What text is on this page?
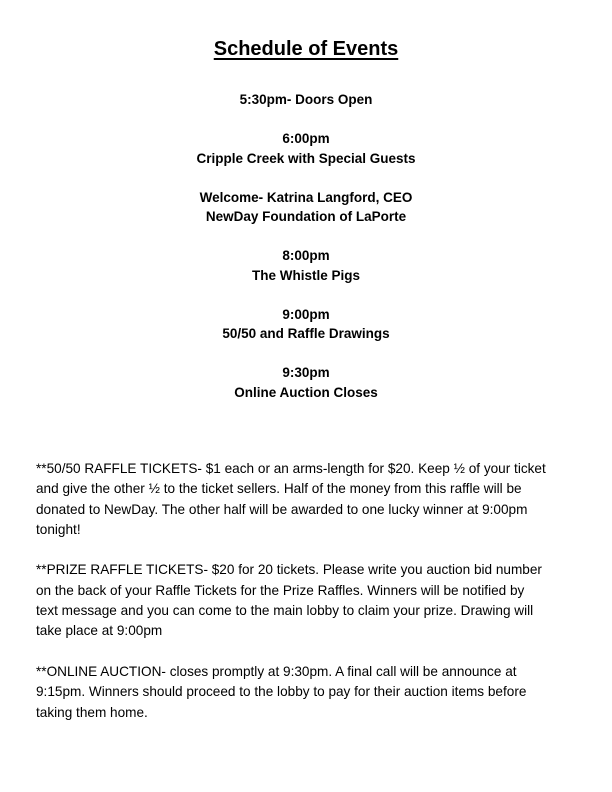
Schedule of Events
5:30pm- Doors Open
6:00pm
Cripple Creek with Special Guests
Welcome- Katrina Langford, CEO
NewDay Foundation of LaPorte
8:00pm
The Whistle Pigs
9:00pm
50/50 and Raffle Drawings
9:30pm
Online Auction Closes

**50/50 RAFFLE TICKETS- $1 each or an arms-length for $20. Keep ½ of your ticket
and give the other ½ to the ticket sellers. Half of the money from this raffle will be
donated to NewDay. The other half will be awarded to one lucky winner at 9:00pm
tonight!

**PRIZE RAFFLE TICKETS- $20 for 20 tickets. Please write you auction bid number
on the back of your Raffle Tickets for the Prize Raffles. Winners will be notified by
text message and you can come to the main lobby to claim your prize. Drawing will
take place at 9:00pm

**ONLINE AUCTION- closes promptly at 9:30pm. A final call will be announce at
9:15pm. Winners should proceed to the lobby to pay for their auction items before
taking them home.
